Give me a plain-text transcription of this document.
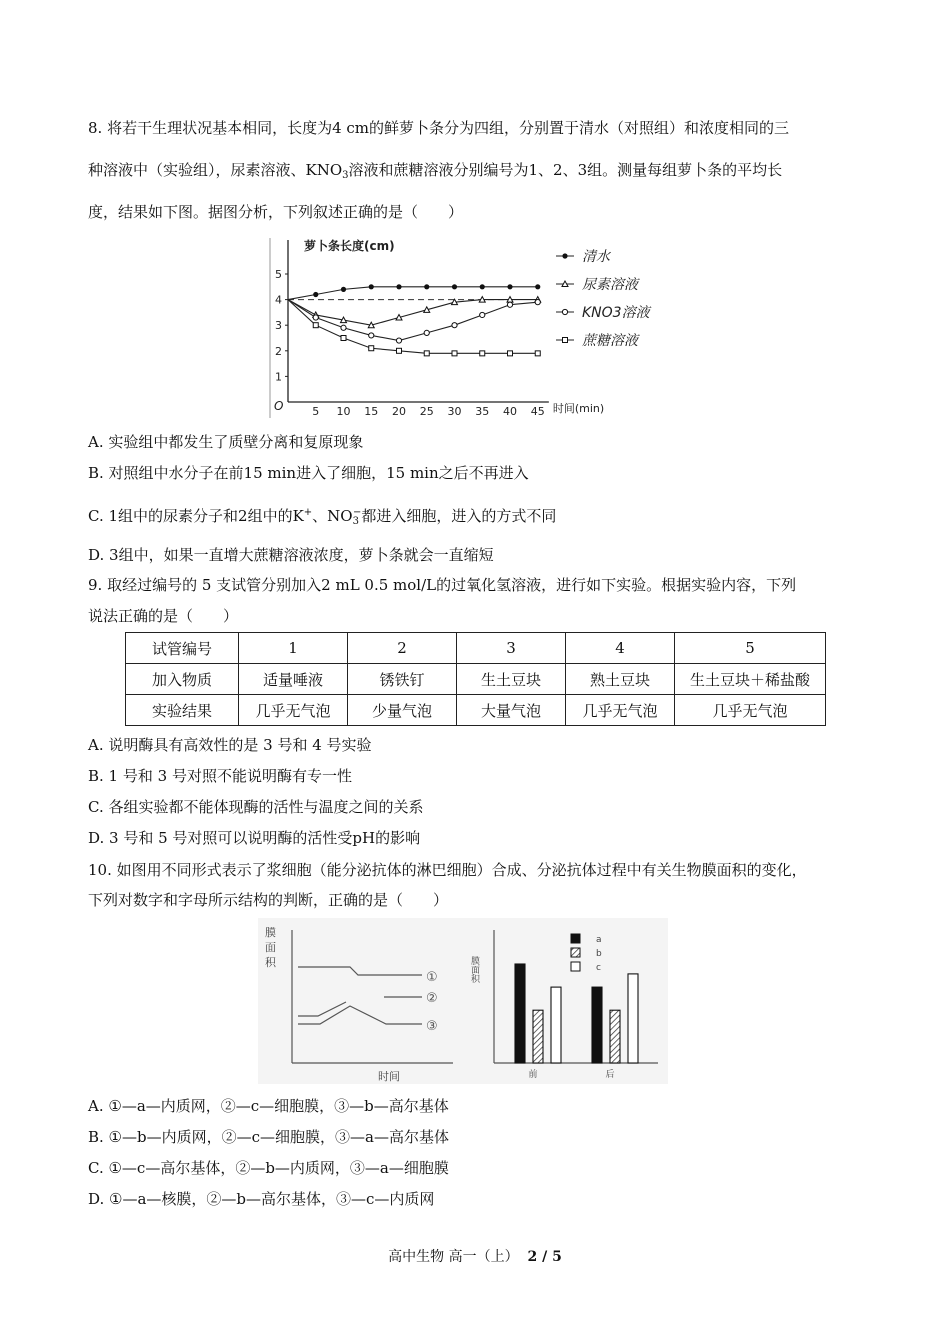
8. 将若干生理状况基本相同，长度为4 cm的鲜萝卜条分为四组，分别置于清水（对照组）和浓度相同的三
种溶液中（实验组），尿素溶液、$KNO_3$溶液和蔗糖溶液分别编号为1、2、3组。测量每组萝卜条的平均长
度，结果如下图。据图分析，下列叙述正确的是（　　）
萝卜条长度(cm)
时间(min)
O
1
2
3
4
5
5 10 15 20 25 30 35 40 45
清水
尿素溶液
KNO3溶液
蔗糖溶液
A. 实验组中都发生了质壁分离和复原现象
B. 对照组中水分子在前15 min进入了细胞，15 min之后不再进入
C. 1组中的尿素分子和2组中的K+、$NO_3^-$都进入细胞，进入的方式不同
D. 3组中，如果一直增大蔗糖溶液浓度，萝卜条就会一直缩短
9. 取经过编号的 5 支试管分别加入2 mL 0.5 mol/L的过氧化氢溶液，进行如下实验。根据实验内容，下列
说法正确的是（　　）
试管编号	1	2	3	4	5
加入物质	适量唾液	锈铁钉	生土豆块	熟土豆块	生土豆块＋稀盐酸
实验结果	几乎无气泡	少量气泡	大量气泡	几乎无气泡	几乎无气泡
A. 说明酶具有高效性的是 3 号和 4 号实验
B. 1 号和 3 号对照不能说明酶有专一性
C. 各组实验都不能体现酶的活性与温度之间的关系
D. 3 号和 5 号对照可以说明酶的活性受pH的影响
10. 如图用不同形式表示了浆细胞（能分泌抗体的淋巴细胞）合成、分泌抗体过程中有关生物膜面积的变化，
下列对数字和字母所示结构的判断，正确的是（　　）
膜
面
积
①
②
③
时间
膜面积
a
b
c
前	后
A. ①—a—内质网，②—c—细胞膜，③—b—高尔基体
B. ①—b—内质网，②—c—细胞膜，③—a—高尔基体
C. ①—c—高尔基体，②—b—内质网，③—a—细胞膜
D. ①—a—核膜，②—b—高尔基体，③—c—内质网
高中生物 高一（上） 2 / 5
